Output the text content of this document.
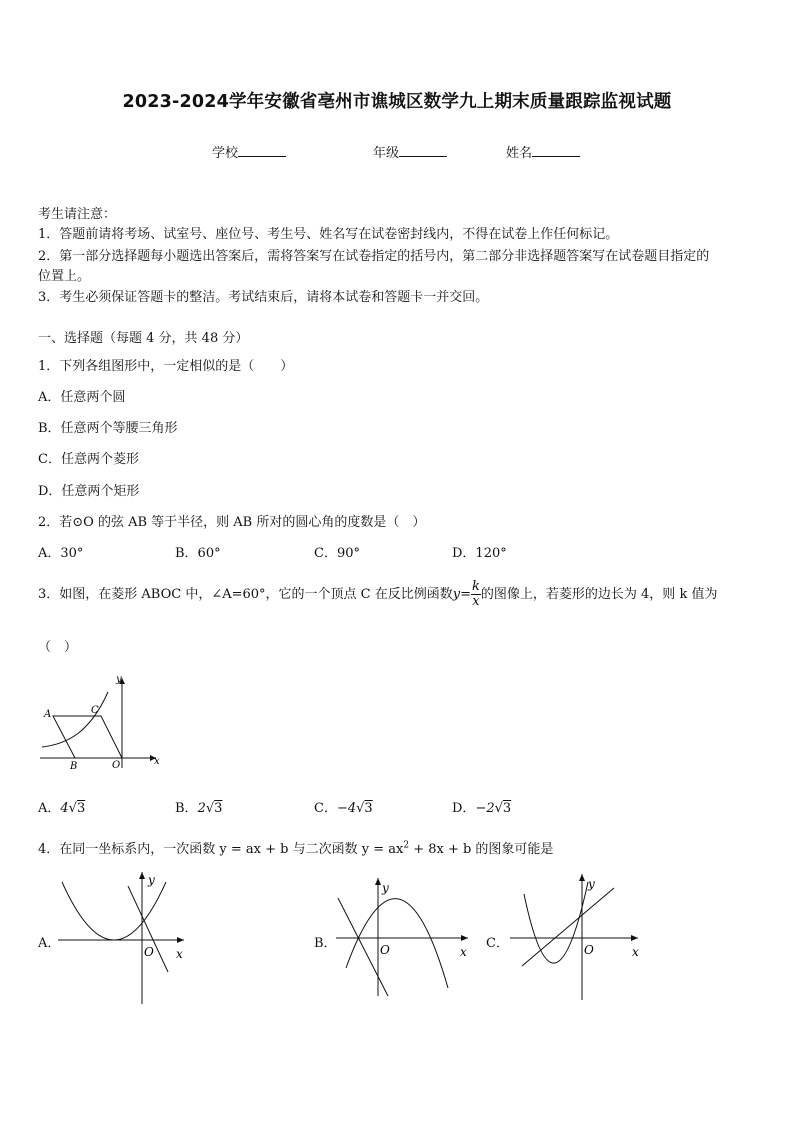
2023-2024学年安徽省亳州市谯城区数学九上期末质量跟踪监视试题
学校	年级	姓名
考生请注意：
1．答题前请将考场、试室号、座位号、考生号、姓名写在试卷密封线内，不得在试卷上作任何标记。
2．第一部分选择题每小题选出答案后，需将答案写在试卷指定的括号内，第二部分非选择题答案写在试卷题目指定的
位置上。
3．考生必须保证答题卡的整洁。考试结束后，请将本试卷和答题卡一并交回。
一、选择题（每题 4 分，共 48 分）
1．下列各组图形中，一定相似的是（　　）
A．任意两个圆
B．任意两个等腰三角形
C．任意两个菱形
D．任意两个矩形
2．若⊙O 的弦 AB 等于半径，则 AB 所对的圆心角的度数是（　）
A．30°	B．60°	C．90°	D．120°
3．如图，在菱形 ABOC 中，∠A=60°，它的一个顶点 C 在反比例函数$y= \frac{k}{x}$ 的图像上，若菱形的边长为 4，则 k 值为
（　）
y
x
A	C
B	O
A．4√3	B．2√3	C．−4√3	D．−2√3
4．在同一坐标系内，一次函数 y = ax + b 与二次函数 $y = ax^2 + 8x + b$ 的图象可能是
A．
y
x
O
B．
y
x
O	C．
y
x
O
